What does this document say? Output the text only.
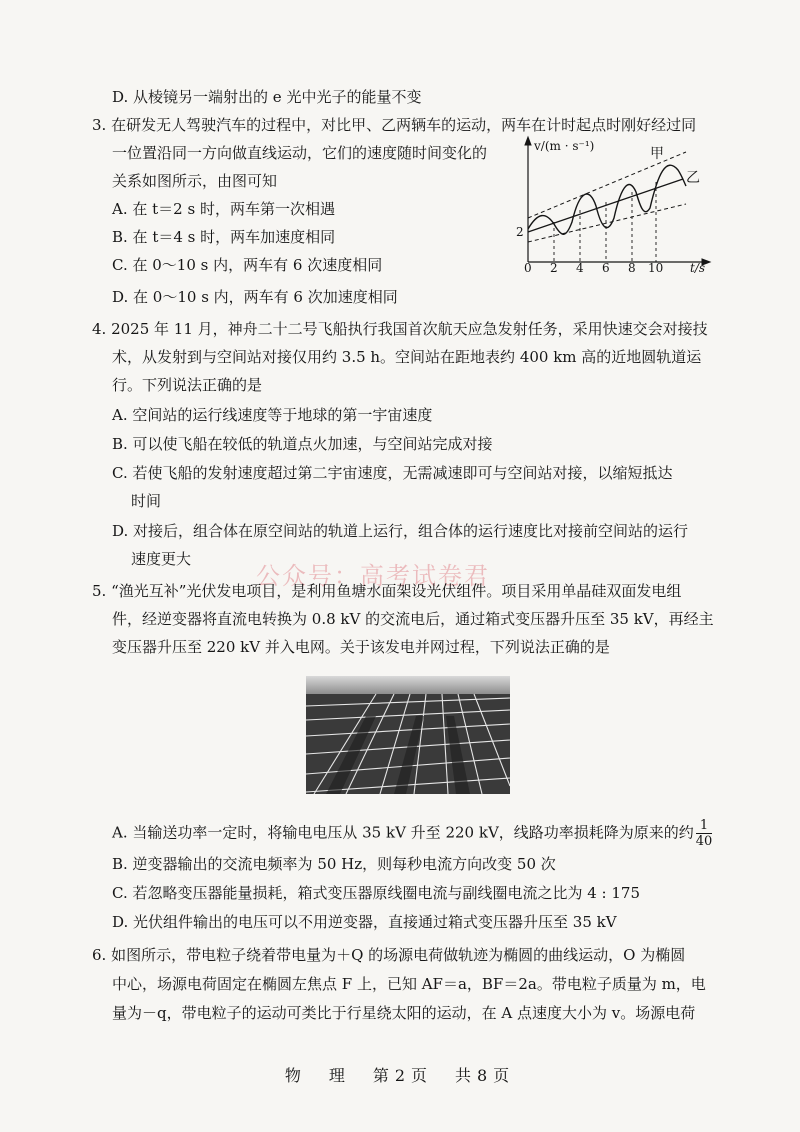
D. 从棱镜另一端射出的 e 光中光子的能量不变
3. 在研发无人驾驶汽车的过程中，对比甲、乙两辆车的运动，两车在计时起点时刚好经过同
一位置沿同一方向做直线运动，它们的速度随时间变化的
关系如图所示，由图可知
A. 在 t＝2 s 时，两车第一次相遇
B. 在 t＝4 s 时，两车加速度相同
C. 在 0～10 s 内，两车有 6 次速度相同
D. 在 0～10 s 内，两车有 6 次加速度相同
v/(m · s⁻¹)
2
甲
乙
0 2 4 6 8 10 t/s
4. 2025 年 11 月，神舟二十二号飞船执行我国首次航天应急发射任务，采用快速交会对接技
术，从发射到与空间站对接仅用约 3.5 h。空间站在距地表约 400 km 高的近地圆轨道运
行。下列说法正确的是
A. 空间站的运行线速度等于地球的第一宇宙速度
B. 可以使飞船在较低的轨道点火加速，与空间站完成对接
C. 若使飞船的发射速度超过第二宇宙速度，无需减速即可与空间站对接，以缩短抵达
时间
D. 对接后，组合体在原空间站的轨道上运行，组合体的运行速度比对接前空间站的运行
速度更大
公众号：高考试卷君
5. “渔光互补”光伏发电项目，是利用鱼塘水面架设光伏组件。项目采用单晶硅双面发电组
件，经逆变器将直流电转换为 0.8 kV 的交流电后，通过箱式变压器升压至 35 kV，再经主
变压器升压至 220 kV 并入电网。关于该发电并网过程，下列说法正确的是
A. 当输送功率一定时，将输电电压从 35 kV 升至 220 kV，线路功率损耗降为原来的约 $\frac{1}{40}$
B. 逆变器输出的交流电频率为 50 Hz，则每秒电流方向改变 50 次
C. 若忽略变压器能量损耗，箱式变压器原线圈电流与副线圈电流之比为 4 : 175
D. 光伏组件输出的电压可以不用逆变器，直接通过箱式变压器升压至 35 kV
6. 如图所示，带电粒子绕着带电量为＋Q 的场源电荷做轨迹为椭圆的曲线运动，O 为椭圆
中心，场源电荷固定在椭圆左焦点 F 上，已知 AF＝a，BF＝2a。带电粒子质量为 m，电
量为－q，带电粒子的运动可类比于行星绕太阳的运动，在 A 点速度大小为 v。场源电荷
物　理　第2页　共8页
